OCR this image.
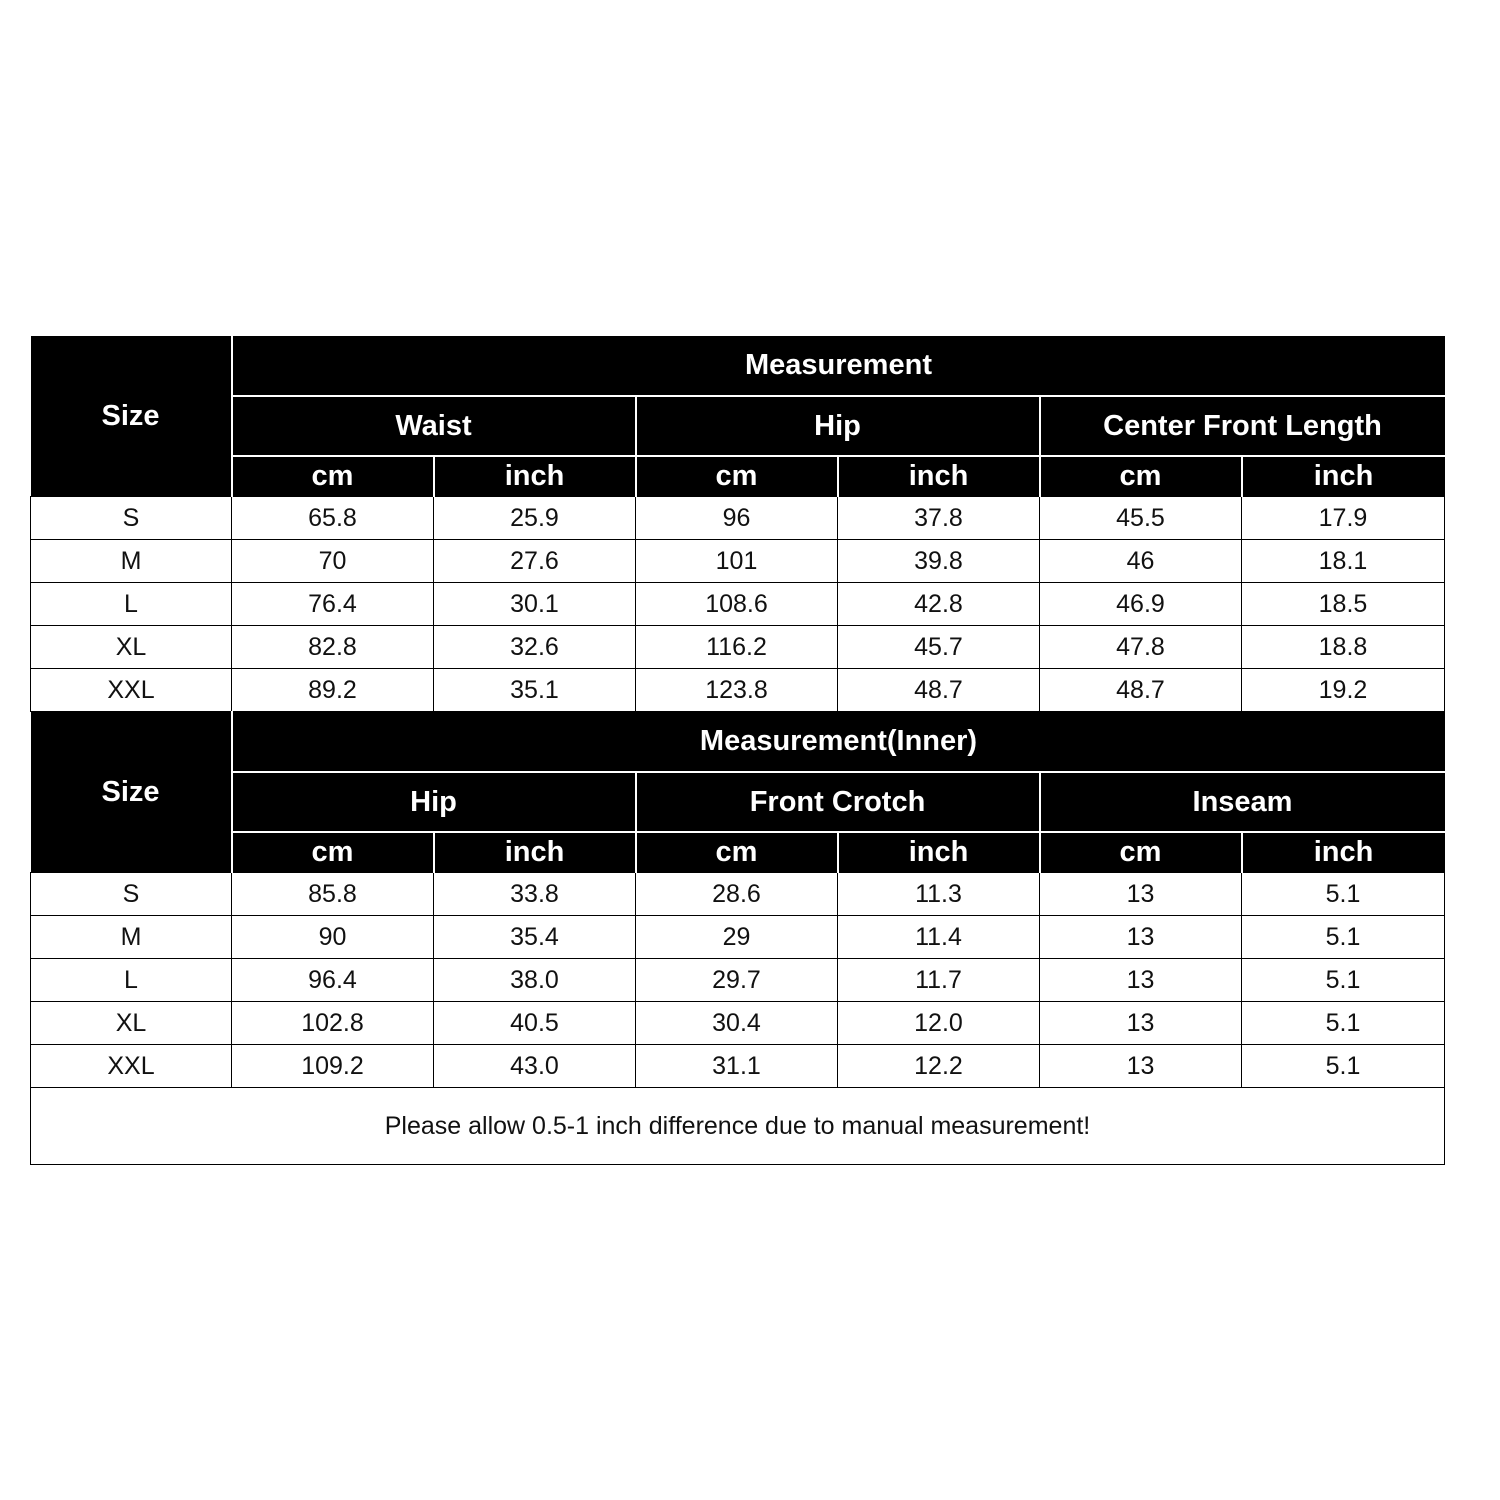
Size	Measurement					
	Waist		Hip		Center Front Length	
	cm	inch	cm	inch	cm	inch
S	65.8	25.9	96	37.8	45.5	17.9
M	70	27.6	101	39.8	46	18.1
L	76.4	30.1	108.6	42.8	46.9	18.5
XL	82.8	32.6	116.2	45.7	47.8	18.8
XXL	89.2	35.1	123.8	48.7	48.7	19.2
Size	Measurement(Inner)					
	Hip		Front Crotch		Inseam	
	cm	inch	cm	inch	cm	inch
S	85.8	33.8	28.6	11.3	13	5.1
M	90	35.4	29	11.4	13	5.1
L	96.4	38.0	29.7	11.7	13	5.1
XL	102.8	40.5	30.4	12.0	13	5.1
XXL	109.2	43.0	31.1	12.2	13	5.1
Please allow 0.5-1 inch difference due to manual measurement!						
